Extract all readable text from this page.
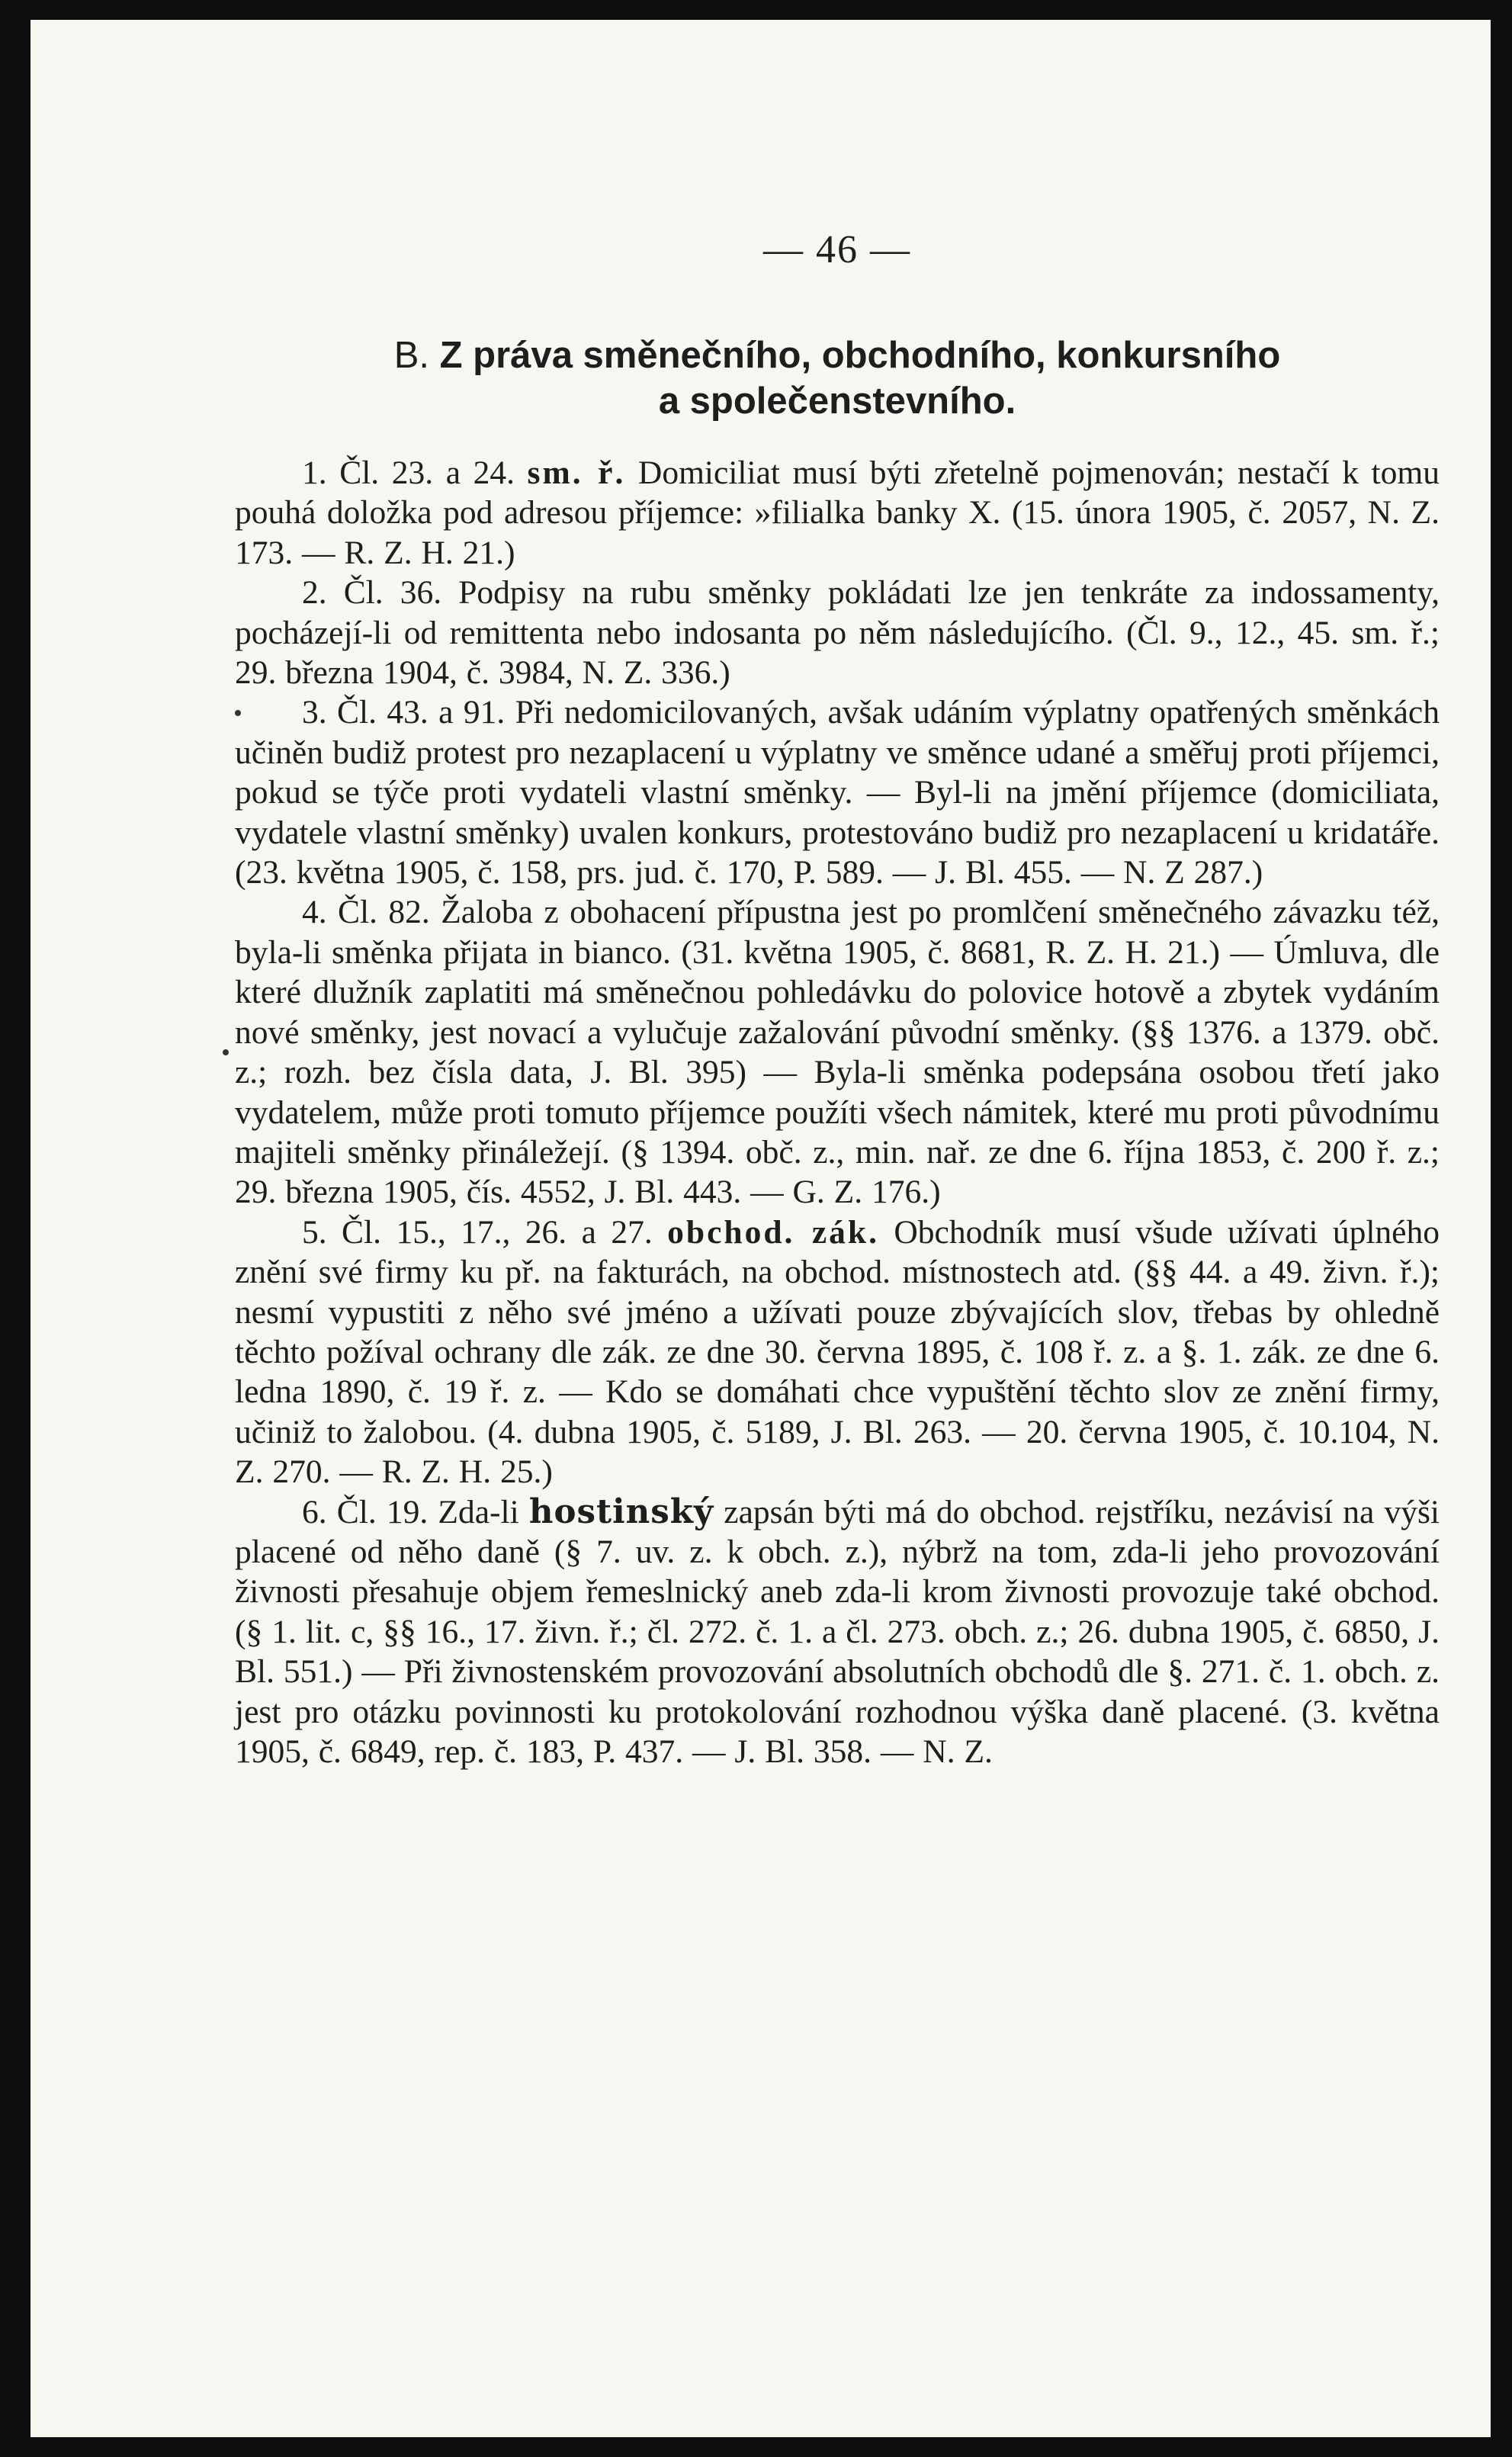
— 46 —
B. Z práva směnečního, obchodního, konkursního
a společenstevního.

1. Čl. 23. a 24. sm. ř. Domiciliat musí býti zřetelně pojmenován; nestačí k tomu pouhá doložka pod adresou příjemce: »filialka banky X. (15. února 1905, č. 2057, N. Z. 173. — R. Z. H. 21.)

2. Čl. 36. Podpisy na rubu směnky pokládati lze jen tenkráte za indossamenty, pocházejí-li od remittenta nebo indosanta po něm následujícího. (Čl. 9., 12., 45. sm. ř.; 29. března 1904, č. 3984, N. Z. 336.)

3. Čl. 43. a 91. Při nedomicilovaných, avšak udáním výplatny opatřených směnkách učiněn budiž protest pro nezaplacení u výplatny ve směnce udané a směřuj proti příjemci, pokud se týče proti vydateli vlastní směnky. — Byl-li na jmění příjemce (domiciliata, vydatele vlastní směnky) uvalen konkurs, protestováno budiž pro nezaplacení u kridatáře. (23. května 1905, č. 158, prs. jud. č. 170, P. 589. — J. Bl. 455. — N. Z 287.)

4. Čl. 82. Žaloba z obohacení přípustna jest po promlčení směnečného závazku též, byla-li směnka přijata in bianco. (31. května 1905, č. 8681, R. Z. H. 21.) — Úmluva, dle které dlužník zaplatiti má směnečnou pohledávku do polovice hotově a zbytek vydáním nové směnky, jest novací a vylučuje zažalování původní směnky. (§§ 1376. a 1379. obč. z.; rozh. bez čísla data, J. Bl. 395) — Byla-li směnka podepsána osobou třetí jako vydatelem, může proti tomuto příjemce použíti všech námitek, které mu proti původnímu majiteli směnky přináležejí. (§ 1394. obč. z., min. nař. ze dne 6. října 1853, č. 200 ř. z.; 29. března 1905, čís. 4552, J. Bl. 443. — G. Z. 176.)

5. Čl. 15., 17., 26. a 27. obchod. zák. Obchodník musí všude užívati úplného znění své firmy ku př. na fakturách, na obchod. místnostech atd. (§§ 44. a 49. živn. ř.); nesmí vypustiti z něho své jméno a užívati pouze zbývajících slov, třebas by ohledně těchto požíval ochrany dle zák. ze dne 30. června 1895, č. 108 ř. z. a §. 1. zák. ze dne 6. ledna 1890, č. 19 ř. z. — Kdo se domáhati chce vypuštění těchto slov ze znění firmy, učiniž to žalobou. (4. dubna 1905, č. 5189, J. Bl. 263. — 20. června 1905, č. 10.104, N. Z. 270. — R. Z. H. 25.)

6. Čl. 19. Zda-li hostinský zapsán býti má do obchod. rejstříku, nezávisí na výši placené od něho daně (§ 7. uv. z. k obch. z.), nýbrž na tom, zda-li jeho provozování živnosti přesahuje objem řemeslnický aneb zda-li krom živnosti provozuje také obchod. (§ 1. lit. c, §§ 16., 17. živn. ř.; čl. 272. č. 1. a čl. 273. obch. z.; 26. dubna 1905, č. 6850, J. Bl. 551.) — Při živnostenském provozování absolutních obchodů dle §. 271. č. 1. obch. z. jest pro otázku povinnosti ku protokolování rozhodnou výška daně placené. (3. května 1905, č. 6849, rep. č. 183, P. 437. — J. Bl. 358. — N. Z.
